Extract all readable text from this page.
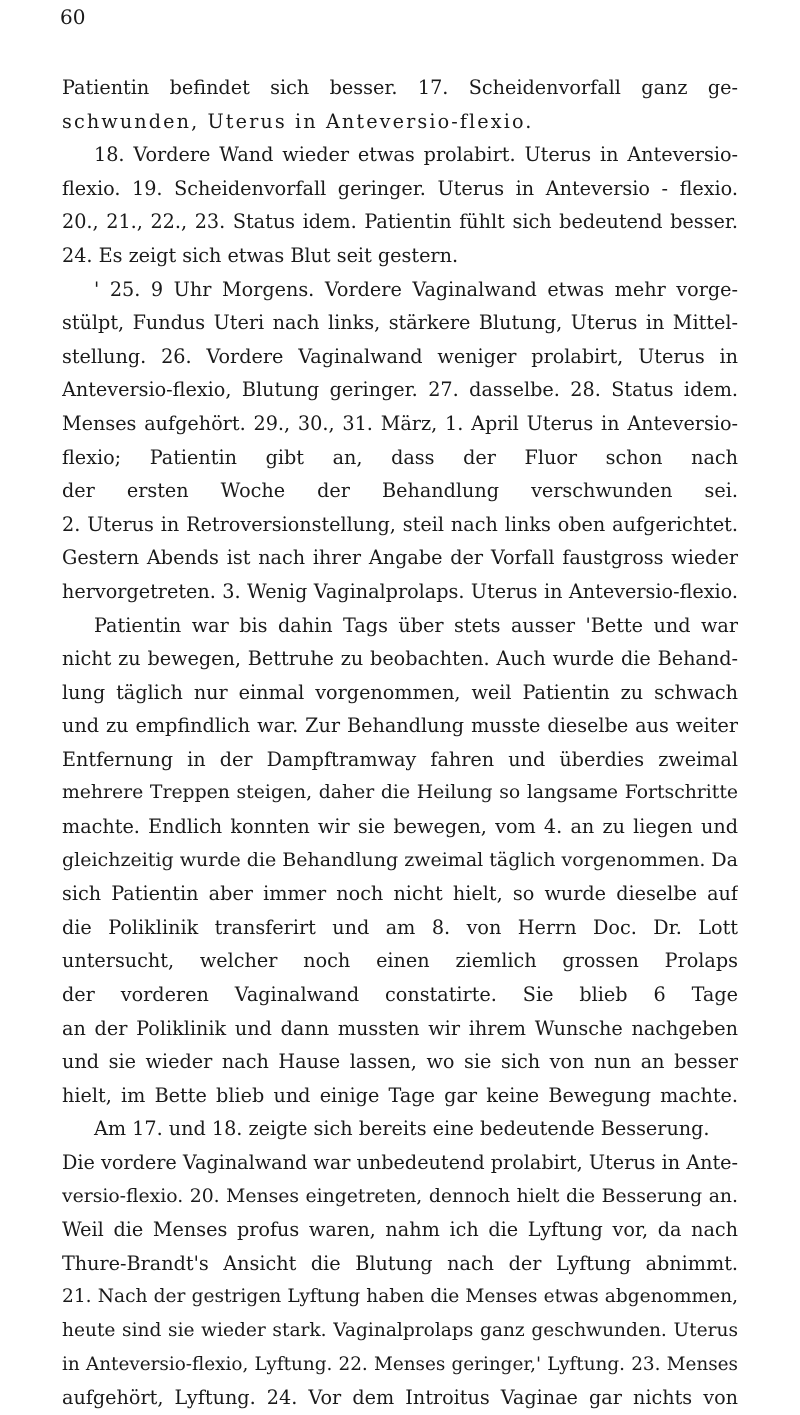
60
Patientin befindet sich besser. 17. Scheidenvorfall ganz ge-
schwunden, Uterus in Anteversio-flexio.
18. Vordere Wand wieder etwas prolabirt. Uterus in Anteversio-
flexio. 19. Scheidenvorfall geringer. Uterus in Anteversio - flexio.
20., 21., 22., 23. Status idem. Patientin fühlt sich bedeutend besser.
24. Es zeigt sich etwas Blut seit gestern.
' 25. 9 Uhr Morgens. Vordere Vaginalwand etwas mehr vorge-
stülpt, Fundus Uteri nach links, stärkere Blutung, Uterus in Mittel-
stellung. 26. Vordere Vaginalwand weniger prolabirt, Uterus in
Anteversio-flexio, Blutung geringer. 27. dasselbe. 28. Status idem.
Menses aufgehört. 29., 30., 31. März, 1. April Uterus in Anteversio-
flexio; Patientin gibt an, dass der Fluor schon nach
der ersten Woche der Behandlung verschwunden sei.
2. Uterus in Retroversionstellung, steil nach links oben aufgerichtet.
Gestern Abends ist nach ihrer Angabe der Vorfall faustgross wieder
hervorgetreten. 3. Wenig Vaginalprolaps. Uterus in Anteversio-flexio.
Patientin war bis dahin Tags über stets ausser 'Bette und war
nicht zu bewegen, Bettruhe zu beobachten. Auch wurde die Behand-
lung täglich nur einmal vorgenommen, weil Patientin zu schwach
und zu empfindlich war. Zur Behandlung musste dieselbe aus weiter
Entfernung in der Dampftramway fahren und überdies zweimal
mehrere Treppen steigen, daher die Heilung so langsame Fortschritte
machte. Endlich konnten wir sie bewegen, vom 4. an zu liegen und
gleichzeitig wurde die Behandlung zweimal täglich vorgenommen. Da
sich Patientin aber immer noch nicht hielt, so wurde dieselbe auf
die Poliklinik transferirt und am 8. von Herrn Doc. Dr. Lott
untersucht, welcher noch einen ziemlich grossen Prolaps
der vorderen Vaginalwand constatirte. Sie blieb 6 Tage
an der Poliklinik und dann mussten wir ihrem Wunsche nachgeben
und sie wieder nach Hause lassen, wo sie sich von nun an besser
hielt, im Bette blieb und einige Tage gar keine Bewegung machte.
Am 17. und 18. zeigte sich bereits eine bedeutende Besserung.
Die vordere Vaginalwand war unbedeutend prolabirt, Uterus in Ante-
versio-flexio. 20. Menses eingetreten, dennoch hielt die Besserung an.
Weil die Menses profus waren, nahm ich die Lyftung vor, da nach
Thure-Brandt's Ansicht die Blutung nach der Lyftung abnimmt.
21. Nach der gestrigen Lyftung haben die Menses etwas abgenommen,
heute sind sie wieder stark. Vaginalprolaps ganz geschwunden. Uterus
in Anteversio-flexio, Lyftung. 22. Menses geringer,' Lyftung. 23. Menses
aufgehört, Lyftung. 24. Vor dem Introitus Vaginae gar nichts von
